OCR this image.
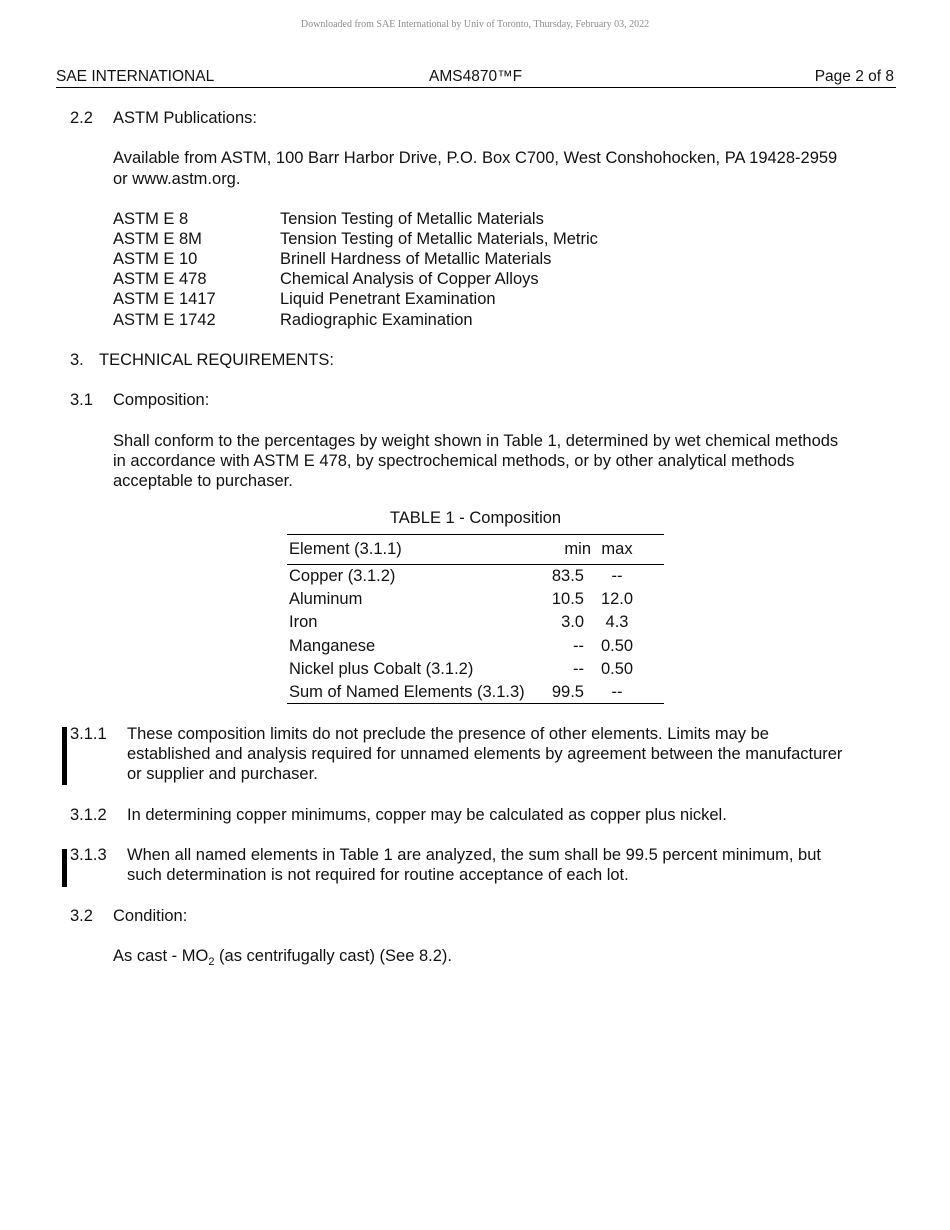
Downloaded from SAE International by Univ of Toronto, Thursday, February 03, 2022
SAE INTERNATIONAL	AMS4870™F	Page 2 of 8
2.2 ASTM Publications:
Available from ASTM, 100 Barr Harbor Drive, P.O. Box C700, West Conshohocken, PA 19428-2959
or www.astm.org.
ASTM E 8	Tension Testing of Metallic Materials
ASTM E 8M	Tension Testing of Metallic Materials, Metric
ASTM E 10	Brinell Hardness of Metallic Materials
ASTM E 478	Chemical Analysis of Copper Alloys
ASTM E 1417	Liquid Penetrant Examination
ASTM E 1742	Radiographic Examination
3. TECHNICAL REQUIREMENTS:
3.1 Composition:
Shall conform to the percentages by weight shown in Table 1, determined by wet chemical methods
in accordance with ASTM E 478, by spectrochemical methods, or by other analytical methods
acceptable to purchaser.
TABLE 1 - Composition
Element (3.1.1)	min max
Copper (3.1.2)	83.5	--
Aluminum	10.5	12.0
Iron	3.0	4.3
Manganese	--	0.50
Nickel plus Cobalt (3.1.2)	--	0.50
Sum of Named Elements (3.1.3) 99.5	--
3.1.1 These composition limits do not preclude the presence of other elements. Limits may be
established and analysis required for unnamed elements by agreement between the manufacturer
or supplier and purchaser.
3.1.2 In determining copper minimums, copper may be calculated as copper plus nickel.
3.1.3 When all named elements in Table 1 are analyzed, the sum shall be 99.5 percent minimum, but
such determination is not required for routine acceptance of each lot.
3.2 Condition:
As cast - $MO_2$ (as centrifugally cast) (See 8.2).
